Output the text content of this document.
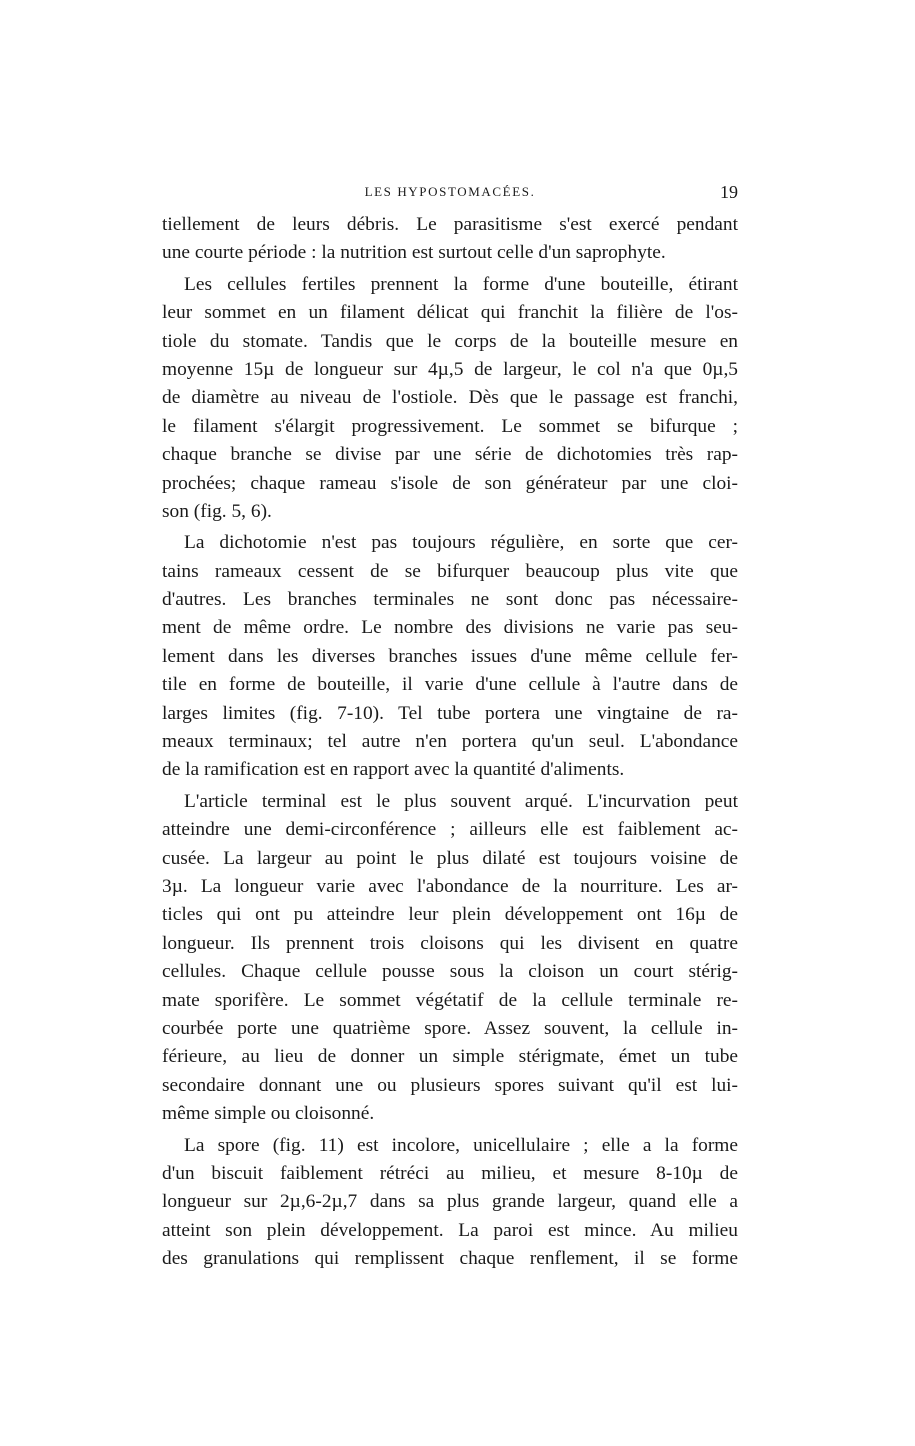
LES HYPOSTOMACÉES.	19
tiellement de leurs débris. Le parasitisme s'est exercé pendant
une courte période : la nutrition est surtout celle d'un saprophyte.
Les cellules fertiles prennent la forme d'une bouteille, étirant
leur sommet en un filament délicat qui franchit la filière de l'os-
tiole du stomate. Tandis que le corps de la bouteille mesure en
moyenne 15µ de longueur sur 4µ,5 de largeur, le col n'a que 0µ,5
de diamètre au niveau de l'ostiole. Dès que le passage est franchi,
le filament s'élargit progressivement. Le sommet se bifurque ;
chaque branche se divise par une série de dichotomies très rap-
prochées; chaque rameau s'isole de son générateur par une cloi-
son (fig. 5, 6).
La dichotomie n'est pas toujours régulière, en sorte que cer-
tains rameaux cessent de se bifurquer beaucoup plus vite que
d'autres. Les branches terminales ne sont donc pas nécessaire-
ment de même ordre. Le nombre des divisions ne varie pas seu-
lement dans les diverses branches issues d'une même cellule fer-
tile en forme de bouteille, il varie d'une cellule à l'autre dans de
larges limites (fig. 7-10). Tel tube portera une vingtaine de ra-
meaux terminaux; tel autre n'en portera qu'un seul. L'abondance
de la ramification est en rapport avec la quantité d'aliments.
L'article terminal est le plus souvent arqué. L'incurvation peut
atteindre une demi-circonférence ; ailleurs elle est faiblement ac-
cusée. La largeur au point le plus dilaté est toujours voisine de
3µ. La longueur varie avec l'abondance de la nourriture. Les ar-
ticles qui ont pu atteindre leur plein développement ont 16µ de
longueur. Ils prennent trois cloisons qui les divisent en quatre
cellules. Chaque cellule pousse sous la cloison un court stérig-
mate sporifère. Le sommet végétatif de la cellule terminale re-
courbée porte une quatrième spore. Assez souvent, la cellule in-
férieure, au lieu de donner un simple stérigmate, émet un tube
secondaire donnant une ou plusieurs spores suivant qu'il est lui-
même simple ou cloisonné.
La spore (fig. 11) est incolore, unicellulaire ; elle a la forme
d'un biscuit faiblement rétréci au milieu, et mesure 8-10µ de
longueur sur 2µ,6-2µ,7 dans sa plus grande largeur, quand elle a
atteint son plein développement. La paroi est mince. Au milieu
des granulations qui remplissent chaque renflement, il se forme
